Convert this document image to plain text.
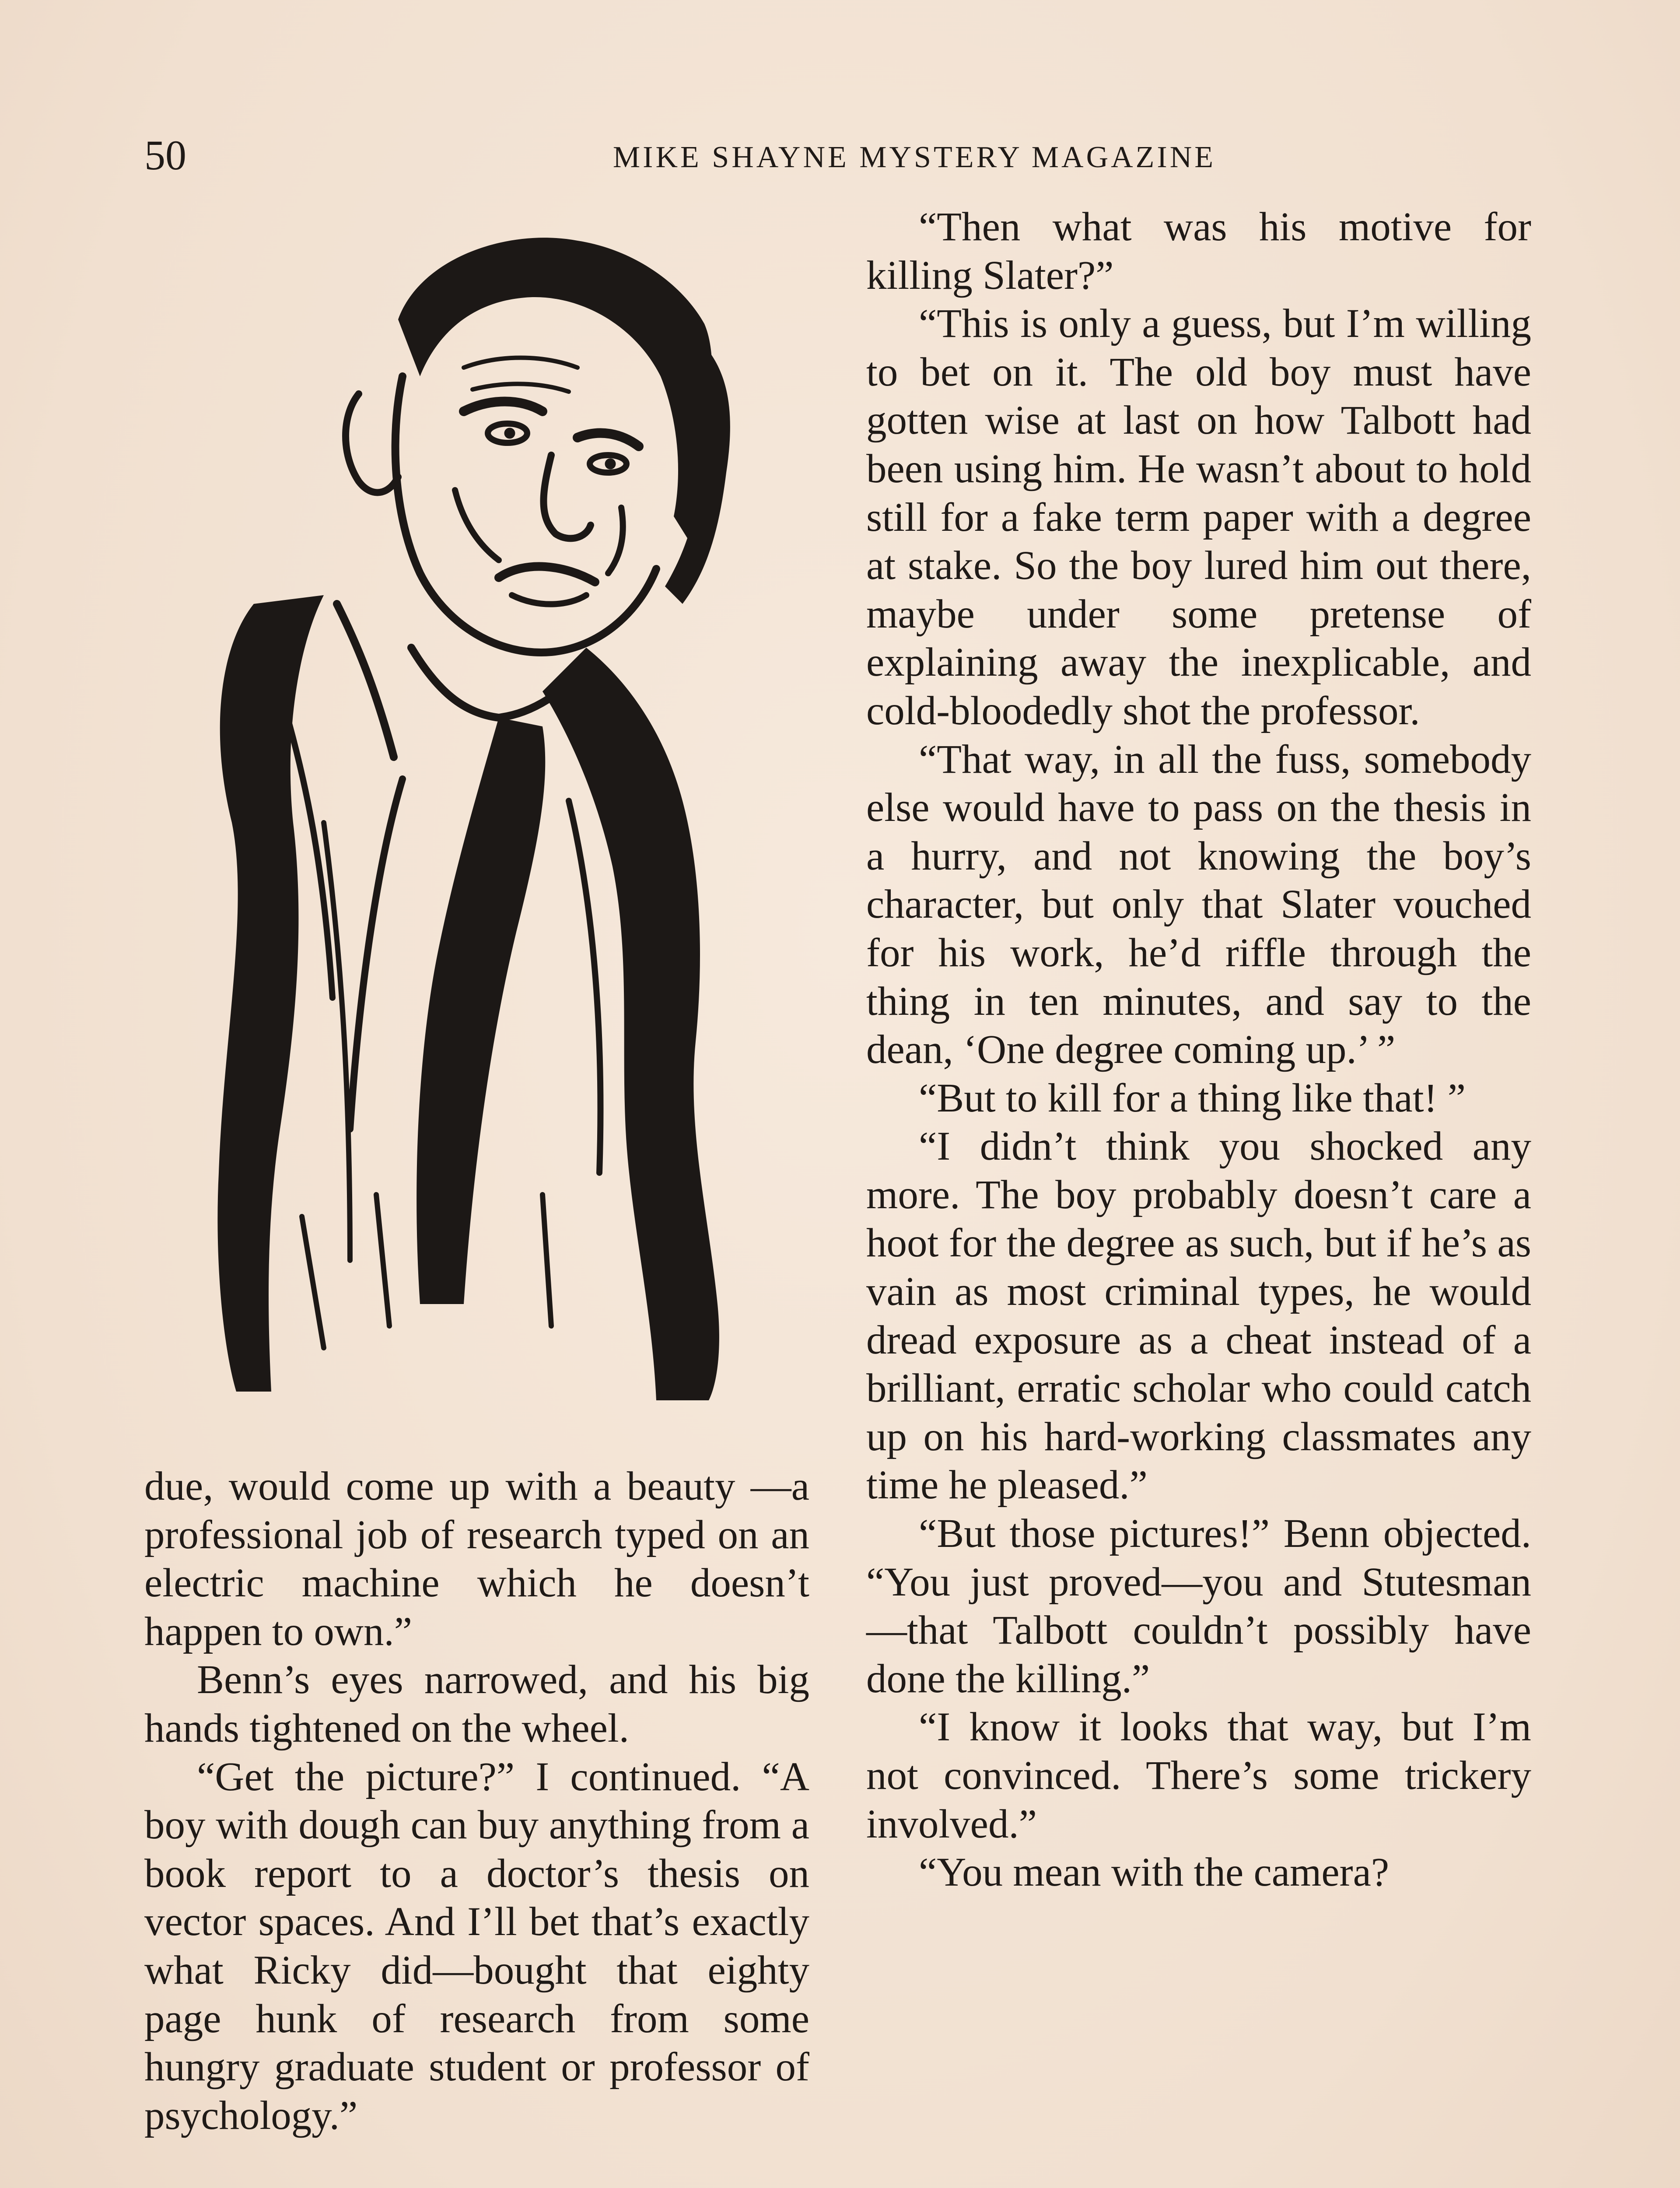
50	MIKE SHAYNE MYSTERY MAGAZINE

due, would come up with a beauty —a professional job of research typed on an electric machine which he doesn’t happen to own.”

Benn’s eyes narrowed, and his big hands tightened on the wheel.

“Get the picture?” I continued. “A boy with dough can buy anything from a book report to a doctor’s thesis on vector spaces. And I’ll bet that’s exactly what Ricky did—bought that eighty page hunk of research from some hungry graduate student or professor of psychology.”

“Then what was his motive for killing Slater?”

“This is only a guess, but I’m willing to bet on it. The old boy must have gotten wise at last on how Talbott had been using him. He wasn’t about to hold still for a fake term paper with a degree at stake. So the boy lured him out there, maybe under some pretense of explaining away the inexplicable, and cold-bloodedly shot the professor.

“That way, in all the fuss, somebody else would have to pass on the thesis in a hurry, and not knowing the boy’s character, but only that Slater vouched for his work, he’d riffle through the thing in ten minutes, and say to the dean, ‘One degree coming up.’ ”

“But to kill for a thing like that! ”

“I didn’t think you shocked any more. The boy probably doesn’t care a hoot for the degree as such, but if he’s as vain as most criminal types, he would dread exposure as a cheat instead of a brilliant, erratic scholar who could catch up on his hard-working classmates any time he pleased.”

“But those pictures!” Benn objected. “You just proved—you and Stutesman—that Talbott couldn’t possibly have done the killing.”

“I know it looks that way, but I’m not convinced. There’s some trickery involved.”

“You mean with the camera?
